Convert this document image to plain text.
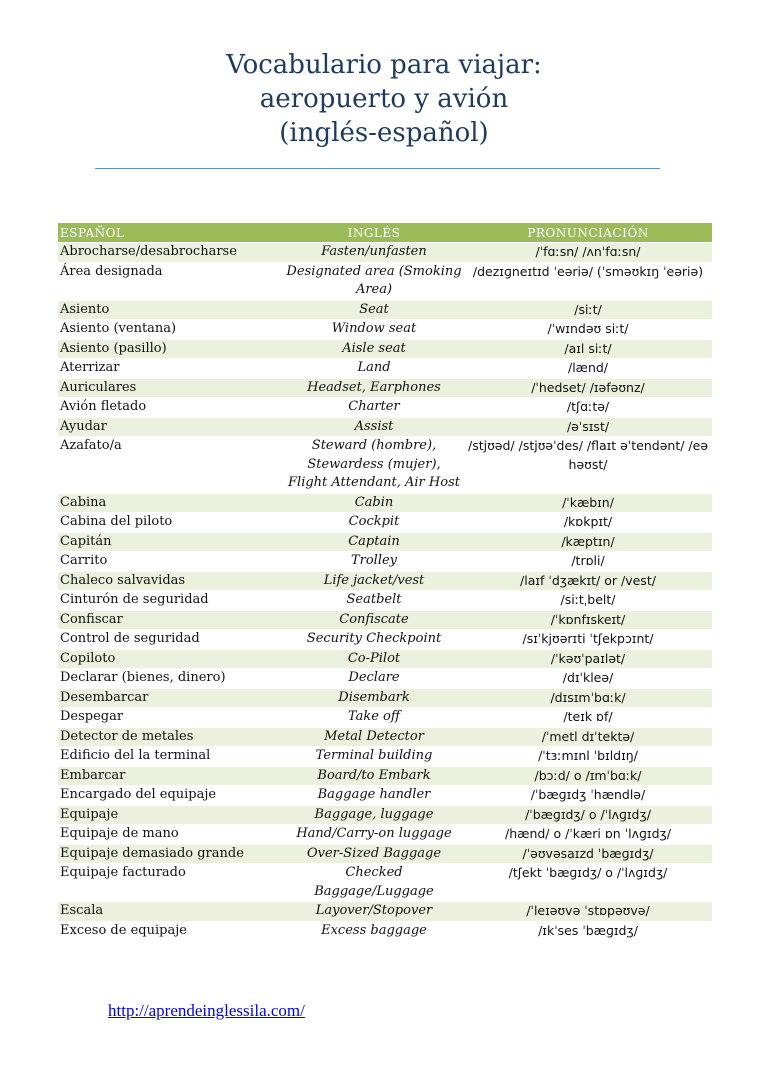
Vocabulario para viajar:
aeropuerto y avión
(inglés-español)
ESPAÑOL	INGLÉS	PRONUNCIACIÓN
Abrocharse/desabrocharse	Fasten/unfasten	/ˈfɑːsn/ /ʌnˈfɑːsn/
Área designada	Designated area (Smoking Area)	/dezɪɡneɪtɪd ˈeəriə/ (ˈsməʊkɪŋ ˈeəriə)
Asiento	Seat	/siːt/
Asiento (ventana)	Window seat	/ˈwɪndəʊ siːt/
Asiento (pasillo)	Aisle seat	/aɪl siːt/
Aterrizar	Land	/lænd/
Auriculares	Headset, Earphones	/ˈhedset/ /ɪəfəʊnz/
Avión fletado	Charter	/tʃɑːtə/
Ayudar	Assist	/əˈsɪst/
Azafato/a	Steward (hombre), Stewardess (mujer), Flight Attendant, Air Host	/stjʊəd/ /stjʊəˈdes/ /flaɪt əˈtendənt/ /eə həʊst/
Cabina	Cabin	/ˈkæbɪn/
Cabina del piloto	Cockpit	/kɒkpɪt/
Capitán	Captain	/kæptɪn/
Carrito	Trolley	/trɒli/
Chaleco salvavidas	Life jacket/vest	/laɪf ˈdʒækɪt/ or /vest/
Cinturón de seguridad	Seatbelt	/siːtˌbelt/
Confiscar	Confiscate	/ˈkɒnfɪskeɪt/
Control de seguridad	Security Checkpoint	/sɪˈkjʊərɪti ˈtʃekpɔɪnt/
Copiloto	Co-Pilot	/ˈkəʊˈpaɪlət/
Declarar (bienes, dinero)	Declare	/dɪˈkleə/
Desembarcar	Disembark	/dɪsɪmˈbɑːk/
Despegar	Take off	/teɪk ɒf/
Detector de metales	Metal Detector	/ˈmetl dɪˈtektə/
Edificio del la terminal	Terminal building	/ˈtɜːmɪnl ˈbɪldɪŋ/
Embarcar	Board/to Embark	/bɔːd/ o /ɪmˈbɑːk/
Encargado del equipaje	Baggage handler	/ˈbæɡɪdʒ ˈhændlə/
Equipaje	Baggage, luggage	/ˈbæɡɪdʒ/ o /ˈlʌɡɪdʒ/
Equipaje de mano	Hand/Carry-on luggage	/hænd/ o /ˈkæri ɒn ˈlʌɡɪdʒ/
Equipaje demasiado grande	Over-Sized Baggage	/ˈəʊvəsaɪzd ˈbæɡɪdʒ/
Equipaje facturado	Checked Baggage/Luggage	/tʃekt ˈbæɡɪdʒ/ o /ˈlʌɡɪdʒ/
Escala	Layover/Stopover	/ˈleɪəʊvə ˈstɒpəʊvə/
Exceso de equipaje	Excess baggage	/ɪkˈses ˈbæɡɪdʒ/
http://aprendeinglessila.com/
